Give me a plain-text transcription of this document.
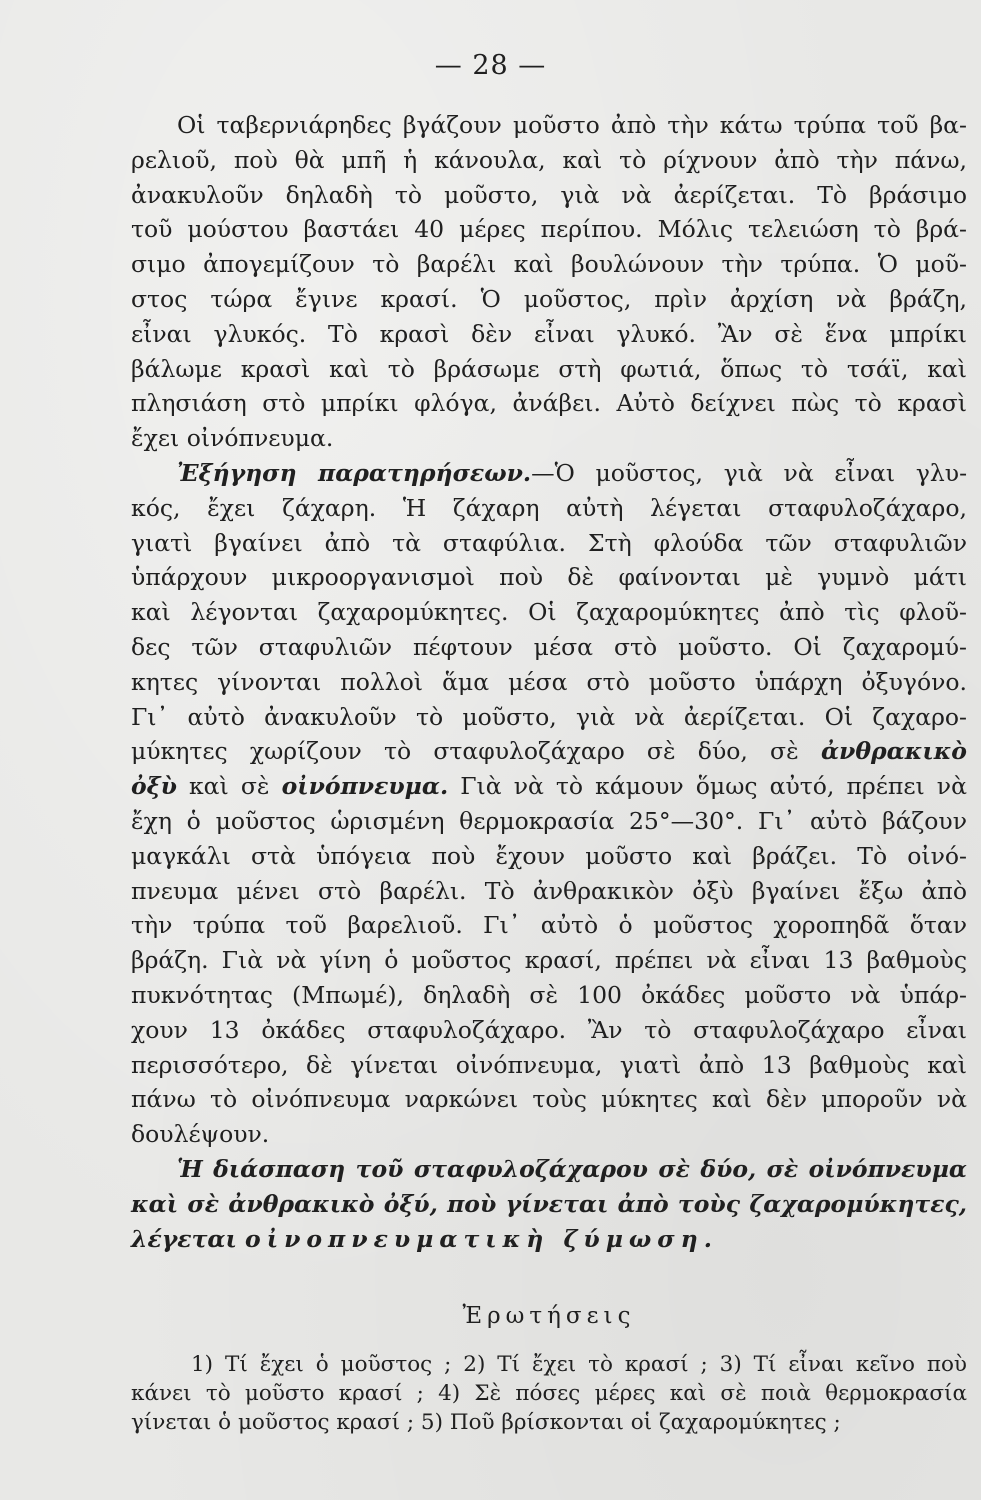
— 28 —
Οἱ ταβερνιάρηδες βγάζουν μοῦστο ἀπὸ τὴν κάτω τρύπα τοῦ βα-
ρελιοῦ, ποὺ θὰ μπῆ ἡ κάνουλα, καὶ τὸ ρίχνουν ἀπὸ τὴν πάνω,
ἀνακυλοῦν δηλαδὴ τὸ μοῦστο, γιὰ νὰ ἀερίζεται. Τὸ βράσιμο
τοῦ μούστου βαστάει 40 μέρες περίπου. Μόλις τελειώση τὸ βρά-
σιμο ἀπογεμίζουν τὸ βαρέλι καὶ βουλώνουν τὴν τρύπα. Ὁ μοῦ-
στος τώρα ἔγινε κρασί. Ὁ μοῦστος, πρὶν ἀρχίση νὰ βράζη,
εἶναι γλυκός. Τὸ κρασὶ δὲν εἶναι γλυκό. Ἂν σὲ ἕνα μπρίκι
βάλωμε κρασὶ καὶ τὸ βράσωμε στὴ φωτιά, ὅπως τὸ τσάϊ, καὶ
πλησιάση στὸ μπρίκι φλόγα, ἀνάβει. Αὐτὸ δείχνει πὼς τὸ κρασὶ
ἔχει οἰνόπνευμα.
Ἐξήγηση παρατηρήσεων.—Ὁ μοῦστος, γιὰ νὰ εἶναι γλυ-
κός, ἔχει ζάχαρη. Ἡ ζάχαρη αὐτὴ λέγεται σταφυλοζάχαρο,
γιατὶ βγαίνει ἀπὸ τὰ σταφύλια. Στὴ φλούδα τῶν σταφυλιῶν
ὑπάρχουν μικροοργανισμοὶ ποὺ δὲ φαίνονται μὲ γυμνὸ μάτι
καὶ λέγονται ζαχαρομύκητες. Οἱ ζαχαρομύκητες ἀπὸ τὶς φλοῦ-
δες τῶν σταφυλιῶν πέφτουν μέσα στὸ μοῦστο. Οἱ ζαχαρομύ-
κητες γίνονται πολλοὶ ἅμα μέσα στὸ μοῦστο ὑπάρχη ὀξυγόνο.
Γι᾽ αὐτὸ ἀνακυλοῦν τὸ μοῦστο, γιὰ νὰ ἀερίζεται. Οἱ ζαχαρο-
μύκητες χωρίζουν τὸ σταφυλοζάχαρο σὲ δύο, σὲ ἀνθρακικὸ
ὀξὺ καὶ σὲ οἰνόπνευμα. Γιὰ νὰ τὸ κάμουν ὅμως αὐτό, πρέπει νὰ
ἔχη ὁ μοῦστος ὡρισμένη θερμοκρασία 25°—30°. Γι᾽ αὐτὸ βάζουν
μαγκάλι στὰ ὑπόγεια ποὺ ἔχουν μοῦστο καὶ βράζει. Τὸ οἰνό-
πνευμα μένει στὸ βαρέλι. Τὸ ἀνθρακικὸν ὀξὺ βγαίνει ἔξω ἀπὸ
τὴν τρύπα τοῦ βαρελιοῦ. Γι᾽ αὐτὸ ὁ μοῦστος χοροπηδᾶ ὅταν
βράζη. Γιὰ νὰ γίνη ὁ μοῦστος κρασί, πρέπει νὰ εἶναι 13 βαθμοὺς
πυκνότητας (Μπωμέ), δηλαδὴ σὲ 100 ὀκάδες μοῦστο νὰ ὑπάρ-
χουν 13 ὀκάδες σταφυλοζάχαρο. Ἂν τὸ σταφυλοζάχαρο εἶναι
περισσότερο, δὲ γίνεται οἰνόπνευμα, γιατὶ ἀπὸ 13 βαθμοὺς καὶ
πάνω τὸ οἰνόπνευμα ναρκώνει τοὺς μύκητες καὶ δὲν μποροῦν νὰ
δουλέψουν.
Ἡ διάσπαση τοῦ σταφυλοζάχαρου σὲ δύο, σὲ οἰνόπνευμα
καὶ σὲ ἀνθρακικὸ ὀξύ, ποὺ γίνεται ἀπὸ τοὺς ζαχαρομύκητες,
λέγεται οἰνοπνευματικὴ ζύμωση.
Ἐρωτήσεις
1) Τί ἔχει ὁ μοῦστος ; 2) Τί ἔχει τὸ κρασί ; 3) Τί εἶναι κεῖνο ποὺ
κάνει τὸ μοῦστο κρασί ; 4) Σὲ πόσες μέρες καὶ σὲ ποιὰ θερμοκρασία
γίνεται ὁ μοῦστος κρασί ; 5) Ποῦ βρίσκονται οἱ ζαχαρομύκητες ;
